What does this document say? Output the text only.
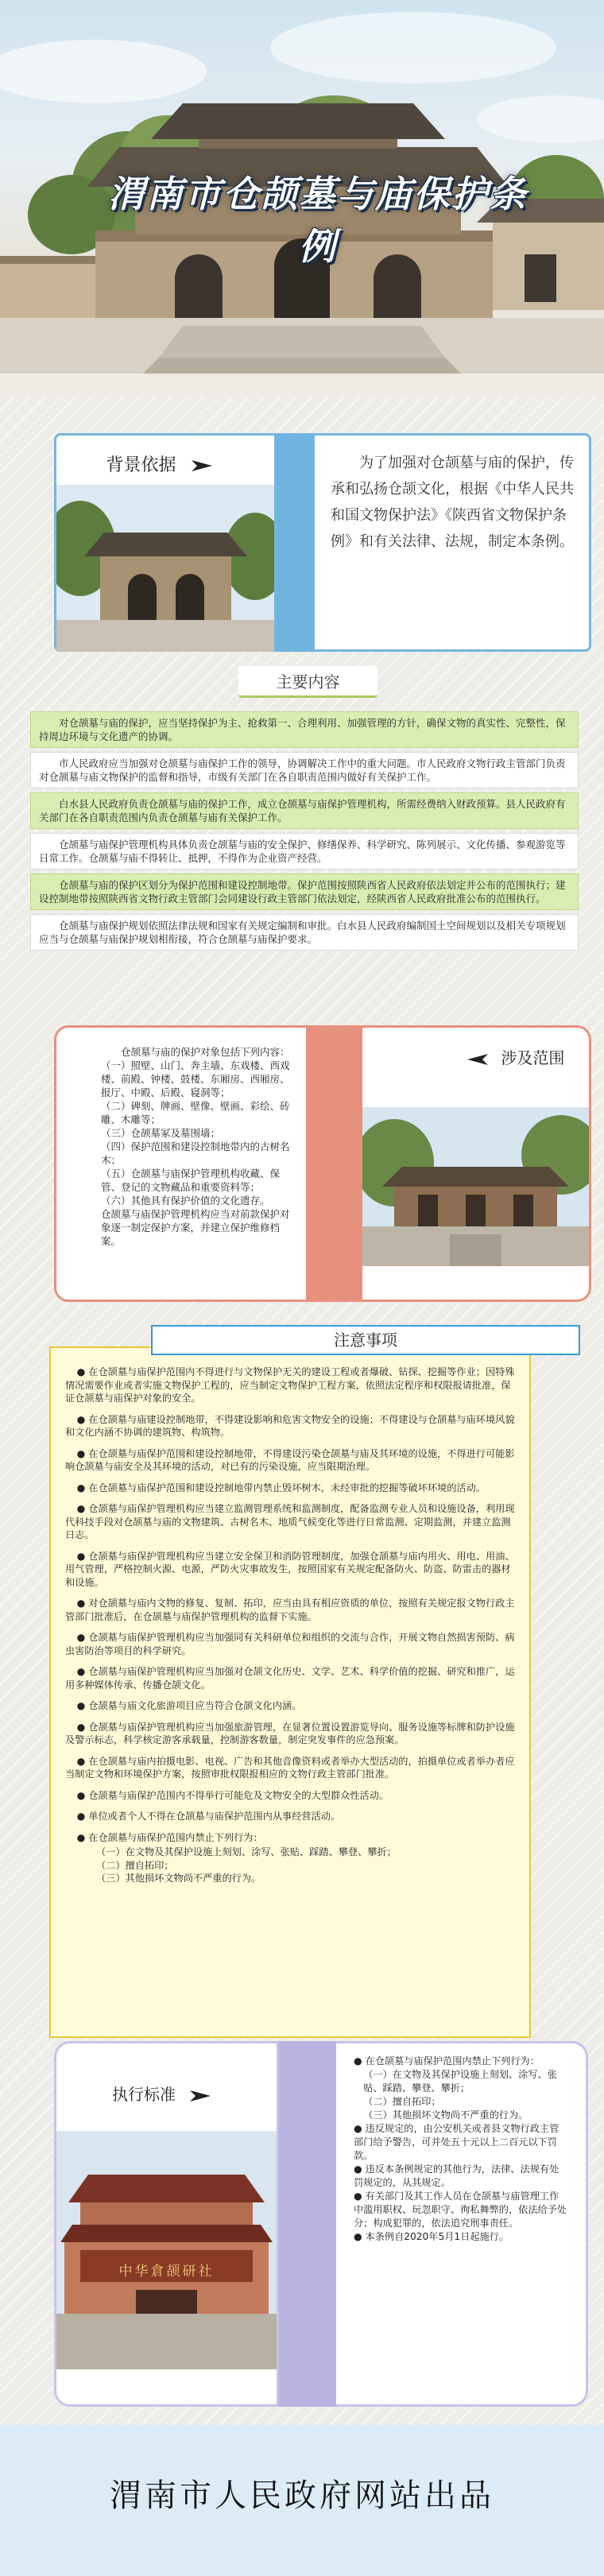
渭南市仓颉墓与庙保护条例
背景依据	为了加强对仓颉墓与庙的保护，传承和弘扬仓颉文化，根据《中华人民共和国文物保护法》《陕西省文物保护条例》和有关法律、法规，制定本条例。

主要内容
对仓颉墓与庙的保护，应当坚持保护为主、抢救第一、合理利用、加强管理的方针，确保文物的真实性、完整性，保持周边环境与文化遗产的协调。
市人民政府应当加强对仓颉墓与庙保护工作的领导，协调解决工作中的重大问题。市人民政府文物行政主管部门负责对仓颉墓与庙文物保护的监督和指导，市级有关部门在各自职责范围内做好有关保护工作。
白水县人民政府负责仓颉墓与庙的保护工作，成立仓颉墓与庙保护管理机构，所需经费纳入财政预算。县人民政府有关部门在各自职责范围内负责仓颉墓与庙有关保护工作。
仓颉墓与庙保护管理机构具体负责仓颉墓与庙的安全保护、修缮保养、科学研究、陈列展示、文化传播、参观游览等日常工作。仓颉墓与庙不得转让、抵押，不得作为企业资产经营。
仓颉墓与庙的保护区划分为保护范围和建设控制地带。保护范围按照陕西省人民政府依法划定并公布的范围执行；建设控制地带按照陕西省文物行政主管部门会同建设行政主管部门依法划定，经陕西省人民政府批准公布的范围执行。
仓颉墓与庙保护规划依照法律法规和国家有关规定编制和审批。白水县人民政府编制国土空间规划以及相关专项规划应当与仓颉墓与庙保护规划相衔接，符合仓颉墓与庙保护要求。

仓颉墓与庙的保护对象包括下列内容：
（一）照壁、山门、奔主墙、东戏楼、西戏楼、前殿、钟楼、鼓楼、东厢房、西厢房、报厅、中殿、后殿、寝洞等；
（二）碑刻、牌画、壁像、壁画、彩绘、砖雕、木雕等；
（三）仓颉墓冢及墓围墙；
（四）保护范围和建设控制地带内的古树名木；
（五）仓颉墓与庙保护管理机构收藏、保管、登记的文物藏品和重要资料等；
（六）其他具有保护价值的文化遗存。
仓颉墓与庙保护管理机构应当对前款保护对象逐一制定保护方案，并建立保护维修档案。

涉及范围
● 在仓颉墓与庙保护范围内不得进行与文物保护无关的建设工程或者爆破、钻探、挖掘等作业；因特殊情况需要作业或者实施文物保护工程的，应当制定文物保护工程方案，依照法定程序和权限报请批准，保证仓颉墓与庙保护对象的安全。
● 在仓颉墓与庙建设控制地带，不得建设影响和危害文物安全的设施；不得建设与仓颉墓与庙环境风貌和文化内涵不协调的建筑物、构筑物。
● 在仓颉墓与庙保护范围和建设控制地带，不得建设污染仓颉墓与庙及其环境的设施，不得进行可能影响仓颉墓与庙安全及其环境的活动，对已有的污染设施，应当限期治理。
● 在仓颉墓与庙保护范围和建设控制地带内禁止毁坏树木，未经审批的挖掘等破坏环境的活动。
● 仓颉墓与庙保护管理机构应当建立监测管理系统和监测制度，配备监测专业人员和设施设备，利用现代科技手段对仓颉墓与庙的文物建筑、古树名木、地质气候变化等进行日常监测、定期监测，并建立监测日志。
● 仓颉墓与庙保护管理机构应当建立安全保卫和消防管理制度，加强仓颉墓与庙内用火、用电、用油、用气管理，严格控制火源、电源，严防火灾事故发生，按照国家有关规定配备防火、防盗、防雷击的器材和设施。
● 对仓颉墓与庙内文物的修复、复制、拓印，应当由具有相应资质的单位，按照有关规定报文物行政主管部门批准后，在仓颉墓与庙保护管理机构的监督下实施。
● 仓颉墓与庙保护管理机构应当加强同有关科研单位和组织的交流与合作，开展文物自然损害预防、病虫害防治等项目的科学研究。
● 仓颉墓与庙保护管理机构应当加强对仓颉文化历史、文学、艺术、科学价值的挖掘、研究和推广，运用多种媒体传承、传播仓颉文化。
● 仓颉墓与庙文化旅游项目应当符合仓颉文化内涵。
● 仓颉墓与庙保护管理机构应当加强旅游管理，在显著位置设置游览导向、服务设施等标牌和防护设施及警示标志，科学核定游客承载量，控制游客数量，制定突发事件的应急预案。
● 在仓颉墓与庙内拍摄电影、电视、广告和其他音像资料或者举办大型活动的，拍摄单位或者举办者应当制定文物和环境保护方案，按照审批权限报相应的文物行政主管部门批准。
● 仓颉墓与庙保护范围内不得举行可能危及文物安全的大型群众性活动。
● 单位或者个人不得在仓颉墓与庙保护范围内从事经营活动。
● 在仓颉墓与庙保护范围内禁止下列行为：
（一）在文物及其保护设施上刻划、涂写、张贴、踩踏、攀登、攀折；
（二）擅自拓印；
（三）其他损坏文物尚不严重的行为。
注意事项
执行标准
中华倉颉研社

● 在仓颉墓与庙保护范围内禁止下列行为：
（一）在文物及其保护设施上刻划、涂写、张贴、踩踏、攀登、攀折；
（二）擅自拓印；
（三）其他损坏文物尚不严重的行为。
● 违反规定的，由公安机关或者县文物行政主管部门给予警告，可并处五十元以上二百元以下罚款。
● 违反本条例规定的其他行为，法律、法规有处罚规定的，从其规定。
● 有关部门及其工作人员在仓颉墓与庙管理工作中滥用职权、玩忽职守、徇私舞弊的，依法给予处分；构成犯罪的，依法追究刑事责任。
● 本条例自2020年5月1日起施行。

渭南市人民政府网站出品
